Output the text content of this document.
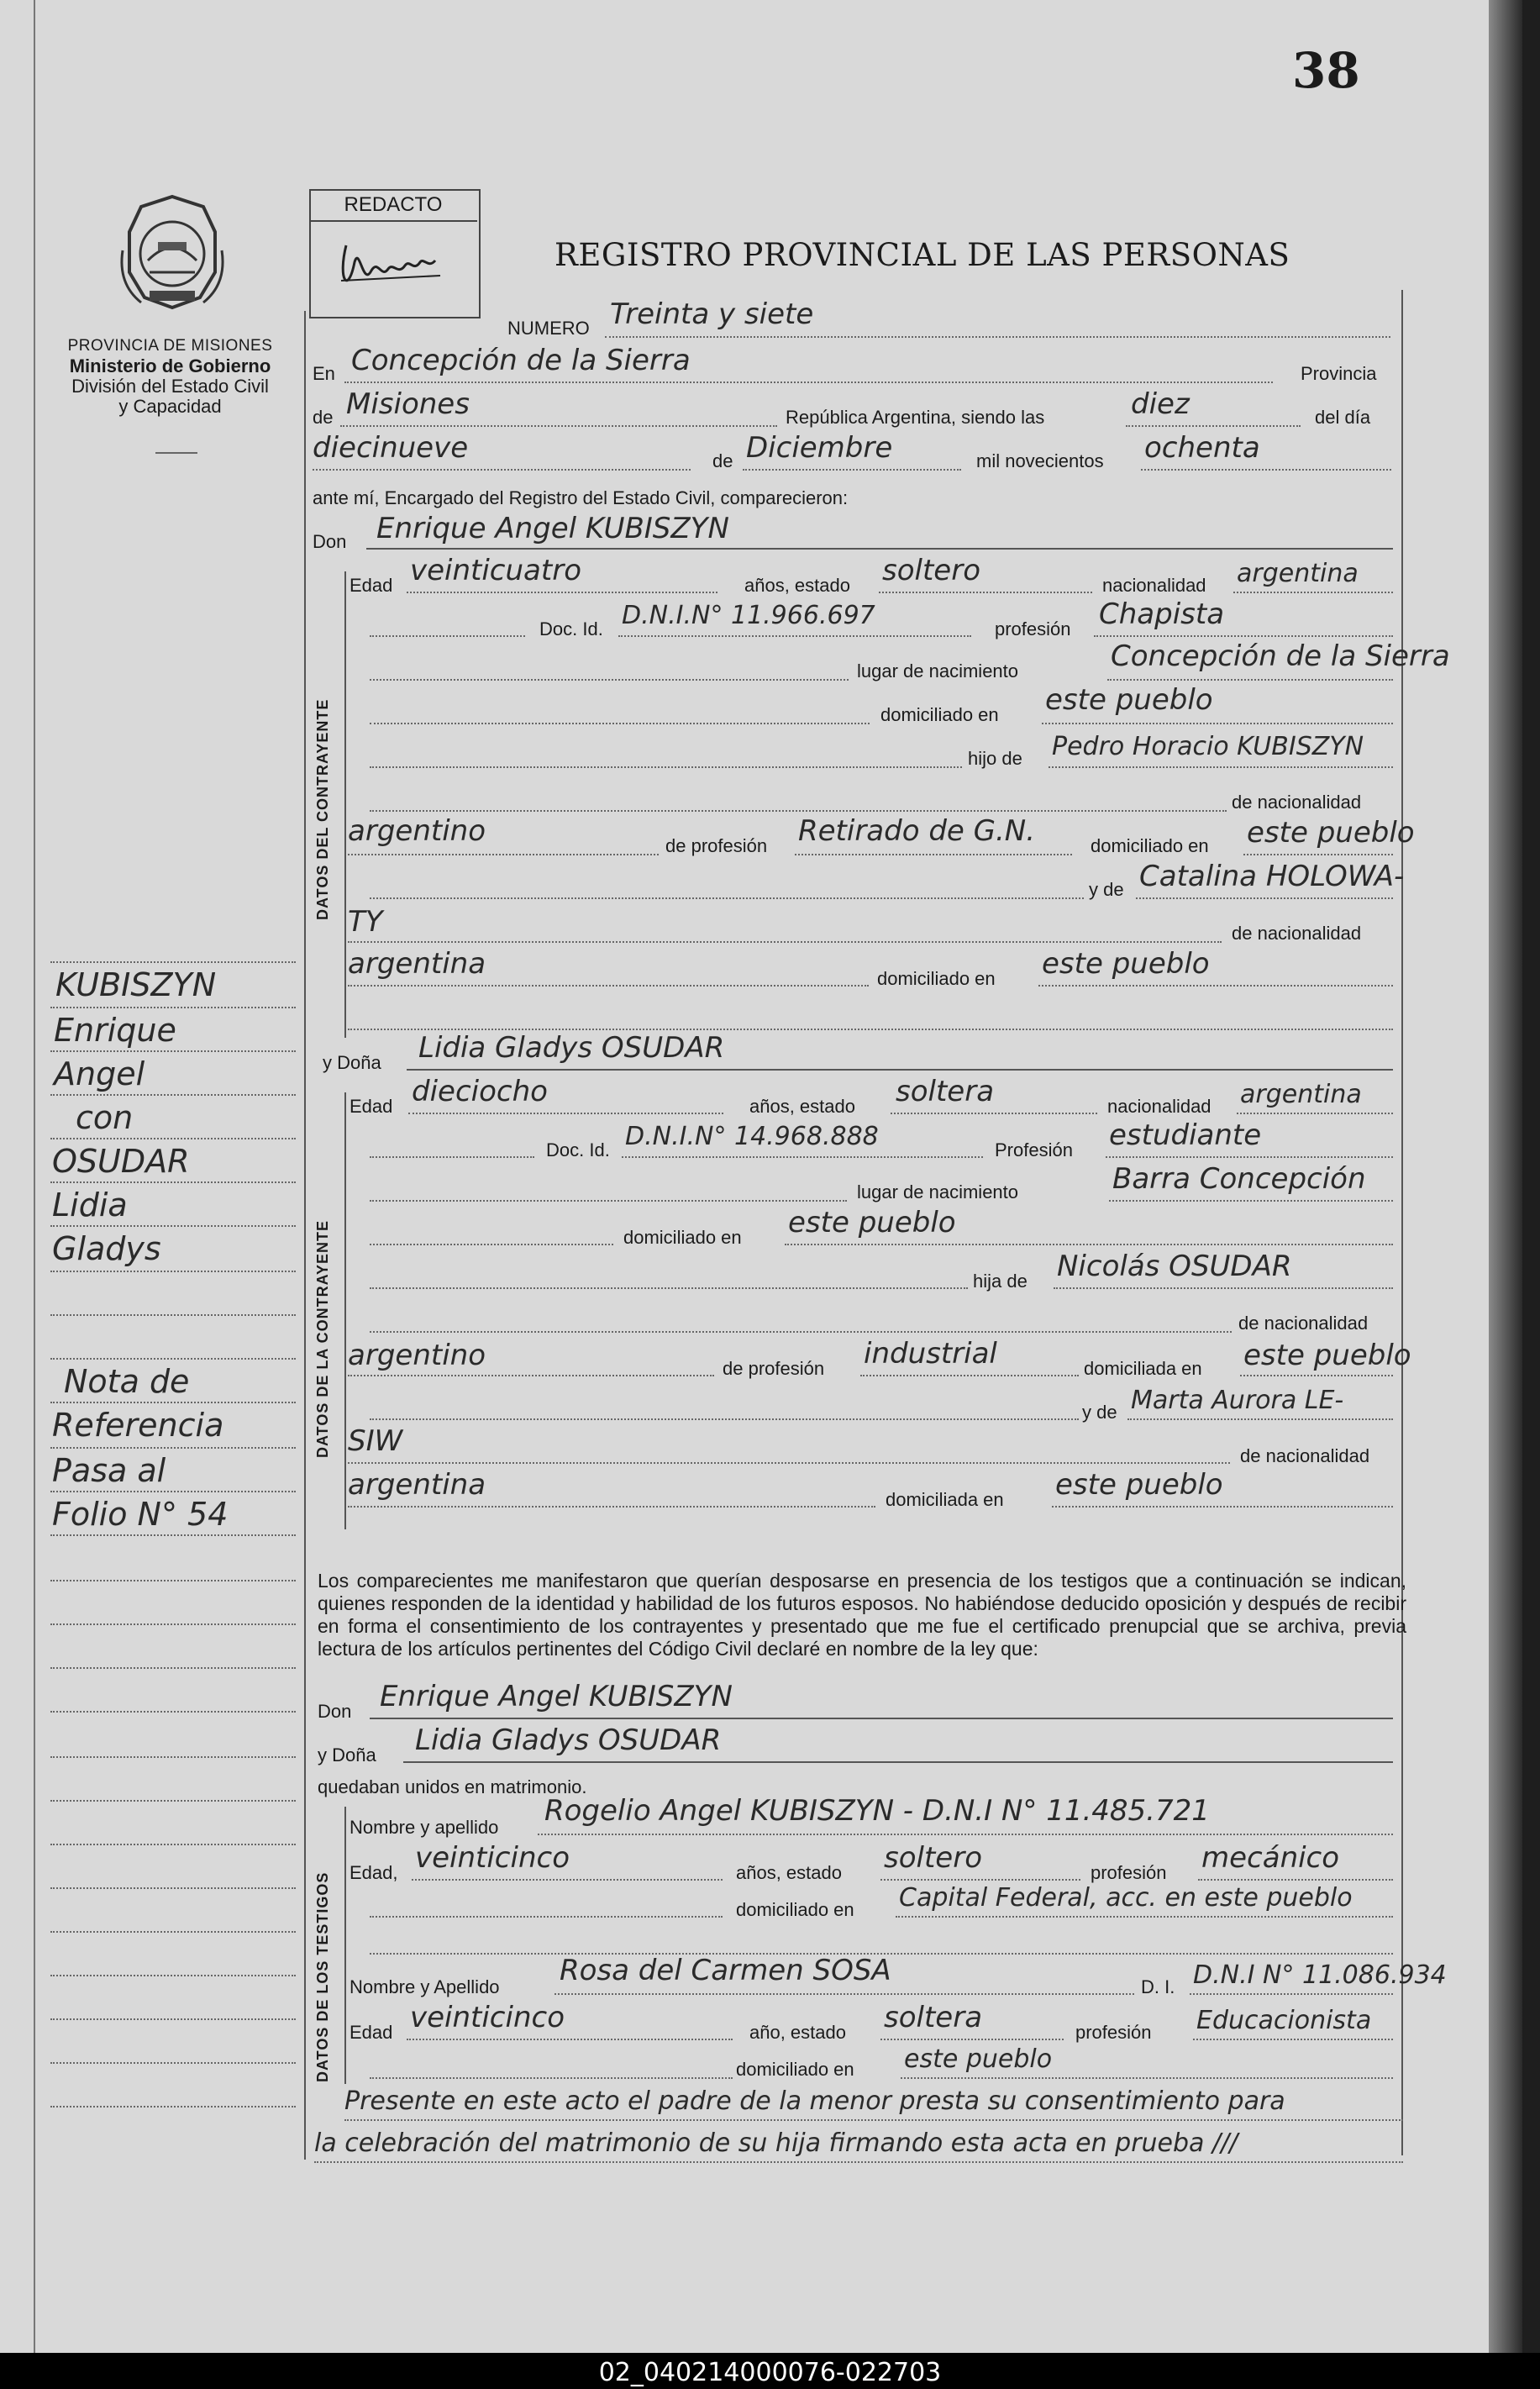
02_040214000076-022703
38
PROVINCIA DE MISIONES
Ministerio de Gobierno
División del Estado Civil
y Capacidad
REDACTO
REGISTRO PROVINCIAL DE LAS PERSONAS
KUBISZYN
Enrique
Angel
con
OSUDAR
Lidia
Gladys
Nota de
Referencia
Pasa al
Folio N° 54
NUMERO Treinta y siete
En Concepción de la Sierra	Provincia
de Misiones	República Argentina, siendo las	diez	del día
diecinueve	de Diciembre	mil novecientos ochenta
ante mí, Encargado del Registro del Estado Civil, comparecieron:
Don Enrique Angel KUBISZYN
DATOS DEL CONTRAYENTE
Edad veinticuatro	años, estado soltero	nacionalidad argentina
Doc. Id. D.N.I.N° 11.966.697	profesión Chapista
lugar de nacimiento	Concepción de la Sierra
domiciliado en este pueblo
hijo de Pedro Horacio KUBISZYN
de nacionalidad
argentino	de profesión Retirado de G.N.	domiciliado en este pueblo
y de Catalina HOLOWA-
TY	de nacionalidad
argentina	domiciliado en este pueblo
y Doña Lidia Gladys OSUDAR
DATOS DE LA CONTRAYENTE
Edad dieciocho	años, estado soltera	nacionalidad argentina
Doc. Id. D.N.I.N° 14.968.888	Profesión estudiante
lugar de nacimiento	Barra Concepción
domiciliado en este pueblo
hija de Nicolás OSUDAR
de nacionalidad
argentino	de profesión industrial	domiciliada en este pueblo
y de Marta Aurora LE-
SIW	de nacionalidad
argentina	domiciliada en este pueblo
Los comparecientes me manifestaron que querían desposarse en presencia de los testigos que a continuación se indican, quienes responden de la identidad y habilidad de los futuros esposos. No habiéndose deducido oposición y después de recibir en forma el consentimiento de los contrayentes y presentado que me fue el certificado prenupcial que se archiva, previa lectura de los artículos pertinentes del Código Civil declaré en nombre de la ley que:
Don Enrique Angel KUBISZYN
y Doña Lidia Gladys OSUDAR
quedaban unidos en matrimonio.
DATOS DE LOS TESTIGOS
Nombre y apellido Rogelio Angel KUBISZYN - D.N.I N° 11.485.721
Edad, veinticinco	años, estado soltero	profesión mecánico
domiciliado en Capital Federal, acc. en este pueblo
Nombre y Apellido Rosa del Carmen SOSA	D. I. D.N.I N° 11.086.934
Edad veinticinco	año, estado soltera	profesión Educacionista
domiciliado en este pueblo
Presente en este acto el padre de la menor presta su consentimiento para
la celebración del matrimonio de su hija firmando esta acta en prueba ///
